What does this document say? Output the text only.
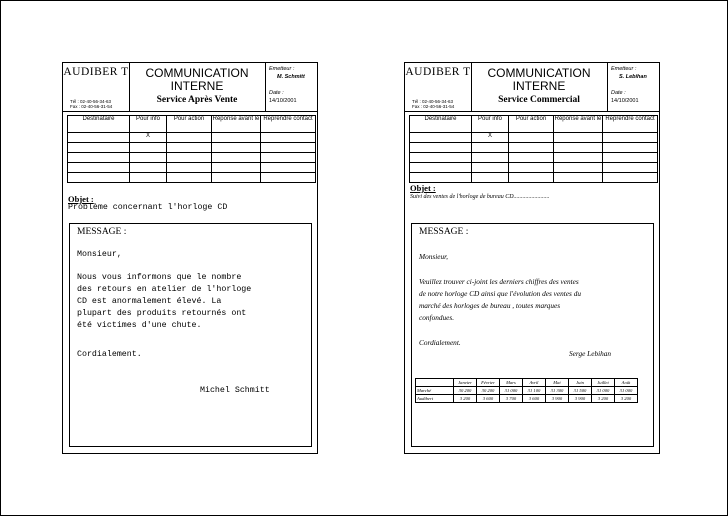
AUDIBER T
Tél : 02-40-56-34-63
Fax : 02-40-56-31-54
COMMUNICATION INTERNE
Service Après Vente
Emetteur :
M. Schmitt
Date :
14/10/2001
Destinataire	Pour info	Pour action	Réponse avant le	Reprendre contact
	X			

Objet :
Problème concernant l'horloge CD
MESSAGE :
Monsieur,
Nous vous informons que le nombre
des retours en atelier de l'horloge
CD est anormalement élevé. La
plupart des produits retournés ont
été victimes d'une chute.
Cordialement.
Michel Schmitt
AUDIBER T
Tél : 02-40-56-34-63
Fax : 02-40-56-31-54
COMMUNICATION INTERNE
Service Commercial
Emetteur :
S. Lebihan
Date :
14/10/2001
Destinataire	Pour info	Pour action	Réponse avant le	Reprendre contact
	X			

Objet :
Suivi des ventes de l'horloge de bureau CD........................
MESSAGE :
Monsieur,
Veuillez trouver ci-joint les derniers chiffres des ventes
de notre horloge CD ainsi que l'évolution des ventes du
marché des horloges de bureau , toutes marques
confondues.
Cordialement.
Serge Lebihan
	Janvier	Février	Mars	Avril	Mai	Juin	Juillet	Août
Marché	30 200	30 200	31 000	31 100	31 300	31 500	31 000	31 000
Audibert	3 200	3 600	3 700	3 600	3 900	3 900	3 200	3 200
